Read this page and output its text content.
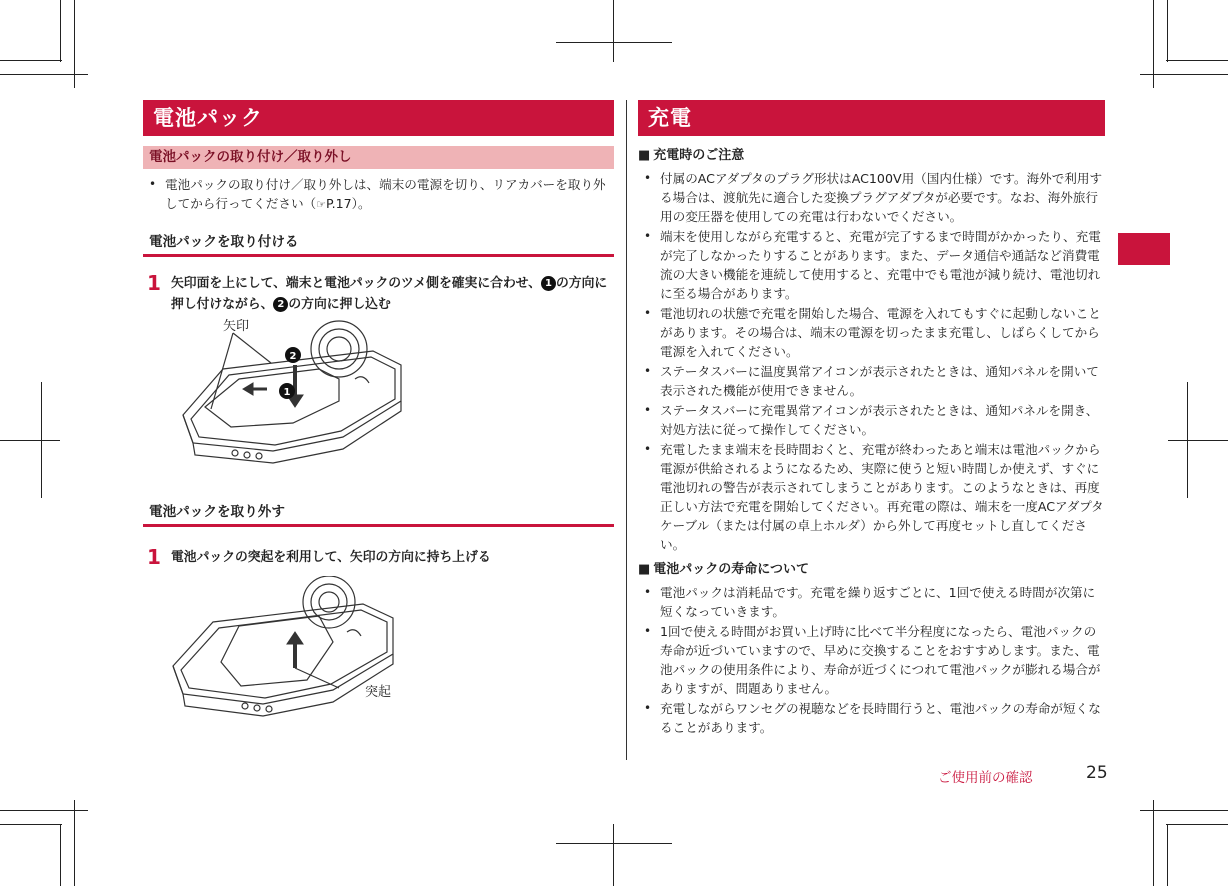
電池パック
電池パックの取り付け／取り外し
• 電池パックの取り付け／取り外しは、端末の電源を切り、リアカバーを取り外してから行ってください（☞P.17）。
電池パックを取り付ける
1 矢印面を上にして、端末と電池パックのツメ側を確実に合わせ、 1 の方向に押し付けながら、 2 の方向に押し込む
矢印
1
2
電池パックを取り外す
1 電池パックの突起を利用して、矢印の方向に持ち上げる
突起
充電
■ 充電時のご注意
• 付属のACアダプタのプラグ形状はAC100V用（国内仕様）です。海外で利用する場合は、渡航先に適合した変換プラグアダプタが必要です。なお、海外旅行用の変圧器を使用しての充電は行わないでください。
• 端末を使用しながら充電すると、充電が完了するまで時間がかかったり、充電が完了しなかったりすることがあります。また、データ通信や通話など消費電流の大きい機能を連続して使用すると、充電中でも電池が減り続け、電池切れに至る場合があります。
• 電池切れの状態で充電を開始した場合、電源を入れてもすぐに起動しないことがあります。その場合は、端末の電源を切ったまま充電し、しばらくしてから電源を入れてください。
• ステータスバーに温度異常アイコンが表示されたときは、通知パネルを開いて表示された機能が使用できません。
• ステータスバーに充電異常アイコンが表示されたときは、通知パネルを開き、対処方法に従って操作してください。
• 充電したまま端末を長時間おくと、充電が終わったあと端末は電池パックから電源が供給されるようになるため、実際に使うと短い時間しか使えず、すぐに電池切れの警告が表示されてしまうことがあります。このようなときは、再度正しい方法で充電を開始してください。再充電の際は、端末を一度ACアダプタケーブル（または付属の卓上ホルダ）から外して再度セットし直してください。
■ 電池パックの寿命について
• 電池パックは消耗品です。充電を繰り返すごとに、1回で使える時間が次第に短くなっていきます。
• 1回で使える時間がお買い上げ時に比べて半分程度になったら、電池パックの寿命が近づいていますので、早めに交換することをおすすめします。また、電池パックの使用条件により、寿命が近づくにつれて電池パックが膨れる場合がありますが、問題ありません。
• 充電しながらワンセグの視聴などを長時間行うと、電池パックの寿命が短くなることがあります。
ご使用前の確認	25
